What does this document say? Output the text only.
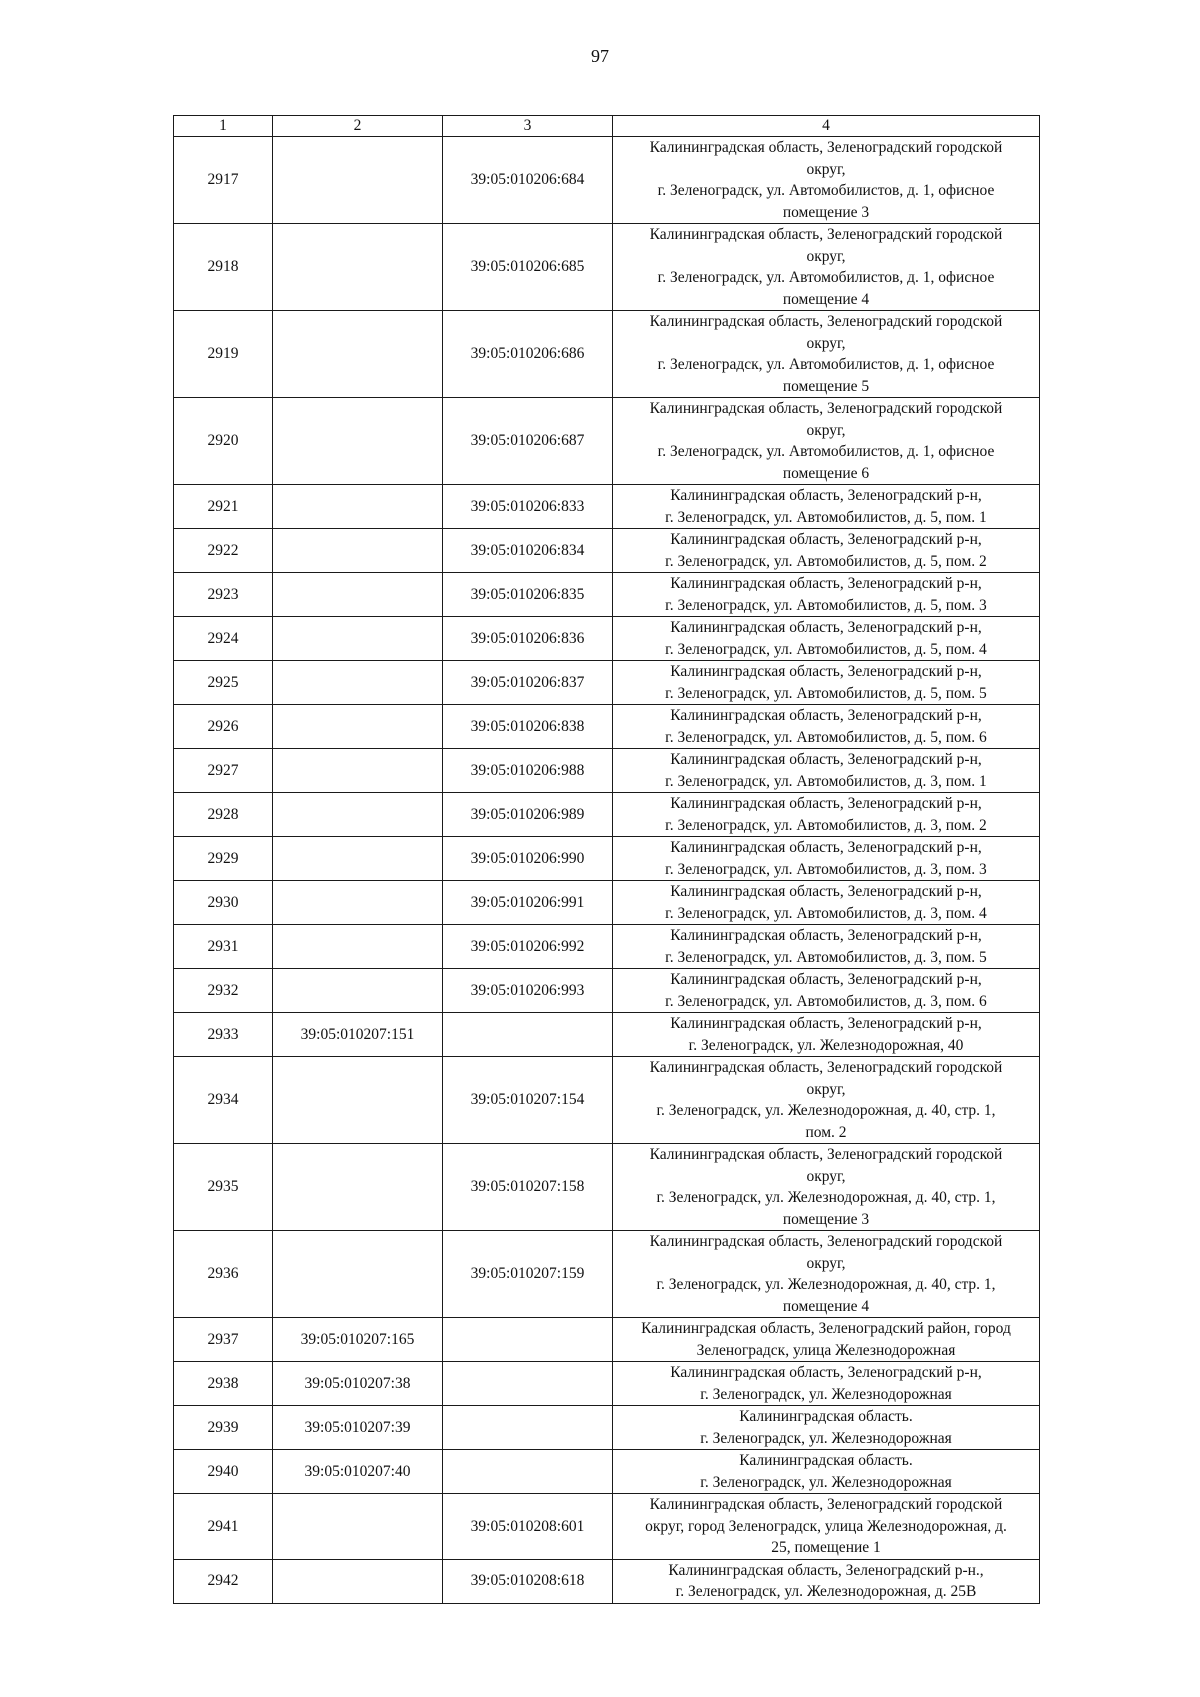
97
1	2	3	4
2917		39:05:010206:684	Калининградская область, Зеленоградский городской
округ,
г. Зеленоградск, ул. Автомобилистов, д. 1, офисное
помещение 3

2918		39:05:010206:685	Калининградская область, Зеленоградский городской
округ,
г. Зеленоградск, ул. Автомобилистов, д. 1, офисное
помещение 4

2919		39:05:010206:686	Калининградская область, Зеленоградский городской
округ,
г. Зеленоградск, ул. Автомобилистов, д. 1, офисное
помещение 5

2920		39:05:010206:687	Калининградская область, Зеленоградский городской
округ,
г. Зеленоградск, ул. Автомобилистов, д. 1, офисное
помещение 6

2921		39:05:010206:833	Калининградская область, Зеленоградский р-н,
г. Зеленоградск, ул. Автомобилистов, д. 5, пом. 1

2922		39:05:010206:834	Калининградская область, Зеленоградский р-н,
г. Зеленоградск, ул. Автомобилистов, д. 5, пом. 2

2923		39:05:010206:835	Калининградская область, Зеленоградский р-н,
г. Зеленоградск, ул. Автомобилистов, д. 5, пом. 3

2924		39:05:010206:836	Калининградская область, Зеленоградский р-н,
г. Зеленоградск, ул. Автомобилистов, д. 5, пом. 4

2925		39:05:010206:837	Калининградская область, Зеленоградский р-н,
г. Зеленоградск, ул. Автомобилистов, д. 5, пом. 5

2926		39:05:010206:838	Калининградская область, Зеленоградский р-н,
г. Зеленоградск, ул. Автомобилистов, д. 5, пом. 6

2927		39:05:010206:988	Калининградская область, Зеленоградский р-н,
г. Зеленоградск, ул. Автомобилистов, д. 3, пом. 1

2928		39:05:010206:989	Калининградская область, Зеленоградский р-н,
г. Зеленоградск, ул. Автомобилистов, д. 3, пом. 2

2929		39:05:010206:990	Калининградская область, Зеленоградский р-н,
г. Зеленоградск, ул. Автомобилистов, д. 3, пом. 3

2930		39:05:010206:991	Калининградская область, Зеленоградский р-н,
г. Зеленоградск, ул. Автомобилистов, д. 3, пом. 4

2931		39:05:010206:992	Калининградская область, Зеленоградский р-н,
г. Зеленоградск, ул. Автомобилистов, д. 3, пом. 5

2932		39:05:010206:993	Калининградская область, Зеленоградский р-н,
г. Зеленоградск, ул. Автомобилистов, д. 3, пом. 6

2933	39:05:010207:151		Калининградская область, Зеленоградский р-н,
г. Зеленоградск, ул. Железнодорожная, 40

2934		39:05:010207:154	Калининградская область, Зеленоградский городской
округ,
г. Зеленоградск, ул. Железнодорожная, д. 40, стр. 1,
пом. 2

2935		39:05:010207:158	Калининградская область, Зеленоградский городской
округ,
г. Зеленоградск, ул. Железнодорожная, д. 40, стр. 1,
помещение 3

2936		39:05:010207:159	Калининградская область, Зеленоградский городской
округ,
г. Зеленоградск, ул. Железнодорожная, д. 40, стр. 1,
помещение 4

2937	39:05:010207:165		Калининградская область, Зеленоградский район, город
Зеленоградск, улица Железнодорожная

2938	39:05:010207:38		Калининградская область, Зеленоградский р-н,
г. Зеленоградск, ул. Железнодорожная

2939	39:05:010207:39		Калининградская область.
г. Зеленоградск, ул. Железнодорожная

2940	39:05:010207:40		Калининградская область.
г. Зеленоградск, ул. Железнодорожная

2941		39:05:010208:601	Калининградская область, Зеленоградский городской
округ, город Зеленоградск, улица Железнодорожная, д.
25, помещение 1

2942		39:05:010208:618	Калининградская область, Зеленоградский р-н.,
г. Зеленоградск, ул. Железнодорожная, д. 25В
